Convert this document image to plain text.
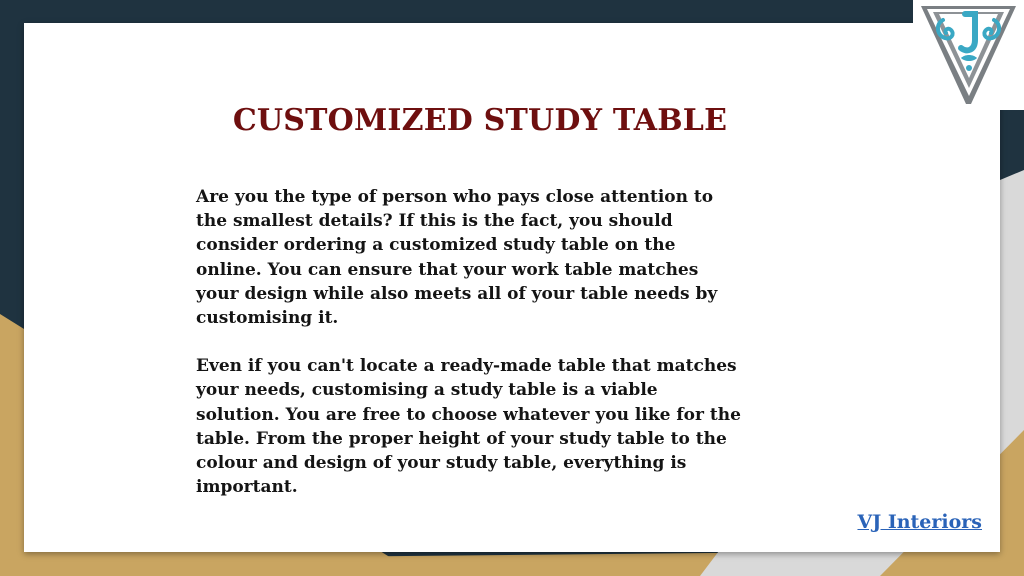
CUSTOMIZED STUDY TABLE

Are you the type of person who pays close attention to
the smallest details? If this is the fact, you should
consider ordering a customized study table on the
online. You can ensure that your work table matches
your design while also meets all of your table needs by
customising it.

Even if you can't locate a ready-made table that matches
your needs, customising a study table is a viable
solution. You are free to choose whatever you like for the
table. From the proper height of your study table to the
colour and design of your study table, everything is
important.

VJ Interiors
